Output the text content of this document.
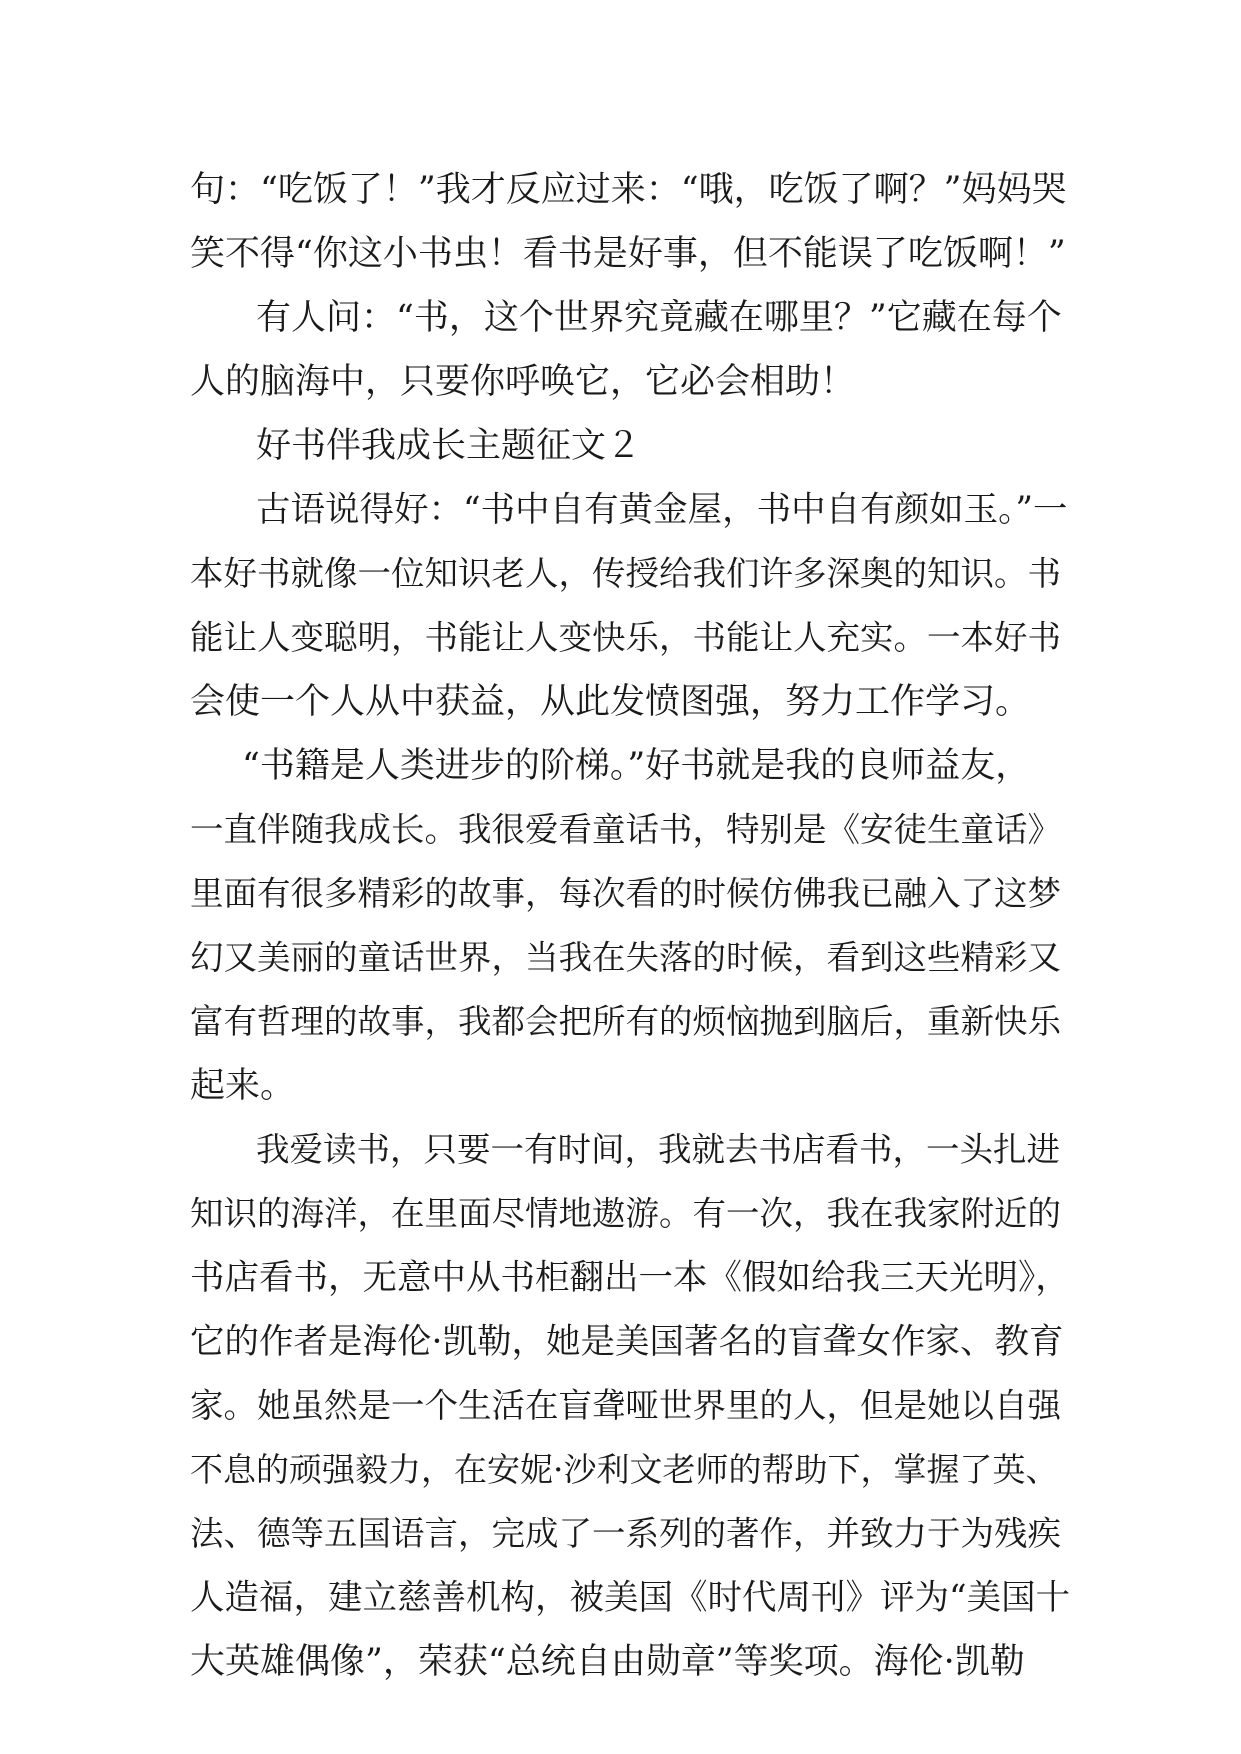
句：“吃饭了！”我才反应过来：“哦，吃饭了啊？”妈妈哭
笑不得“你这小书虫！看书是好事，但不能误了吃饭啊！”
有人问：“书，这个世界究竟藏在哪里？”它藏在每个
人的脑海中，只要你呼唤它，它必会相助！
好书伴我成长主题征文２
古语说得好：“书中自有黄金屋，书中自有颜如玉。”一
本好书就像一位知识老人，传授给我们许多深奥的知识。书
能让人变聪明，书能让人变快乐，书能让人充实。一本好书
会使一个人从中获益，从此发愤图强，努力工作学习。
“书籍是人类进步的阶梯。”好书就是我的良师益友，
一直伴随我成长。我很爱看童话书，特别是《安徒生童话》
里面有很多精彩的故事，每次看的时候仿佛我已融入了这梦
幻又美丽的童话世界，当我在失落的时候，看到这些精彩又
富有哲理的故事，我都会把所有的烦恼抛到脑后，重新快乐
起来。
我爱读书，只要一有时间，我就去书店看书，一头扎进
知识的海洋，在里面尽情地遨游。有一次，我在我家附近的
书店看书，无意中从书柜翻出一本《假如给我三天光明》，
它的作者是海伦·凯勒，她是美国著名的盲聋女作家、教育
家。她虽然是一个生活在盲聋哑世界里的人，但是她以自强
不息的顽强毅力，在安妮·沙利文老师的帮助下，掌握了英、
法、德等五国语言，完成了一系列的著作，并致力于为残疾
人造福，建立慈善机构，被美国《时代周刊》评为“美国十
大英雄偶像”，荣获“总统自由勋章”等奖项。海伦·凯勒
